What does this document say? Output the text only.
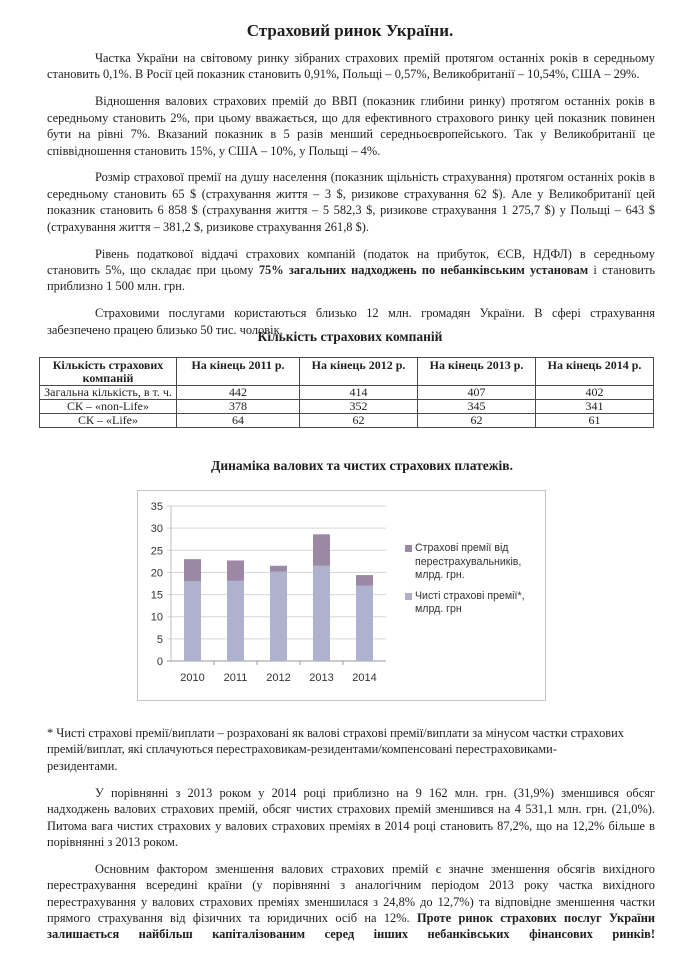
Страховий ринок України.

Частка України на світовому ринку зібраних страхових премій протягом останніх років в середньому становить 0,1%. В Росії цей показник становить 0,91%, Польщі – 0,57%, Великобританії – 10,54%, США – 29%.

Відношення валових страхових премій до ВВП (показник глибини ринку) протягом останніх років в середньому становить 2%, при цьому вважається, що для ефективного страхового ринку цей показник повинен бути на рівні 7%. Вказаний показник в 5 разів менший середньоєвропейського. Так у Великобританії це співвідношення становить 15%, у США – 10%, у Польщі – 4%.

Розмір страхової премії на душу населення (показник щільність страхування) протягом останніх років в середньому становить 65 $ (страхування життя – 3 $, ризикове страхування 62 $). Але у Великобританії цей показник становить 6 858 $ (страхування життя – 5 582,3 $, ризикове страхування 1 275,7 $) у Польщі – 643 $ (страхування життя – 381,2 $, ризикове страхування 261,8 $).

Рівень податкової віддачі страхових компаній (податок на прибуток, ЄСВ, НДФЛ) в середньому становить 5%, що складає при цьому 75% загальних надходжень по небанківським установам і становить приблизно 1 500 млн. грн.

Страховими послугами користаються близько 12 млн. громадян України. В сфері страхування забезпечено працею близько 50 тис. чоловік.

Кількість страхових компаній
Кількість страхових компаній	На кінець 2011 р.	На кінець 2012 р.	На кінець 2013 р.	На кінець 2014 р.
Загальна кількість, в т. ч.	442	414	407	402
СК – «non-Life»	378	352	345	341
СК – «Life»	64	62	62	61
Динаміка валових та чистих страхових платежів.
0
5
10
15
20
25
30
35
2010 2011 2012 2013 2014
Страхові премії від перестрахувальників, млрд. грн.
Чисті страхові премії*, млрд. грн

* Чисті страхові премії/виплати – розраховані як валові страхові премії/виплати за мінусом частки страхових премій/виплат, які сплачуються перестраховикам-резидентами/компенсовані перестраховиками-резидентами.

У порівнянні з 2013 роком у 2014 році приблизно на 9 162 млн. грн. (31,9%) зменшився обсяг надходжень валових страхових премій, обсяг чистих страхових премій зменшився на 4 531,1 млн. грн. (21,0%). Питома вага чистих страхових у валових страхових преміях в 2014 році становить 87,2%, що на 12,2% більше в порівнянні з 2013 роком.

Основним фактором зменшення валових страхових премій є значне зменшення обсягів вихідного перестрахування всередині країни (у порівнянні з аналогічним періодом 2013 року частка вихідного перестрахування у валових страхових преміях зменшилася з 24,8% до 12,7%) та відповідне зменшення частки прямого страхування від фізичних та юридичних осіб на 12%. Проте ринок страхових послуг України залишається найбільш капіталізованим серед інших небанківських фінансових ринків!
